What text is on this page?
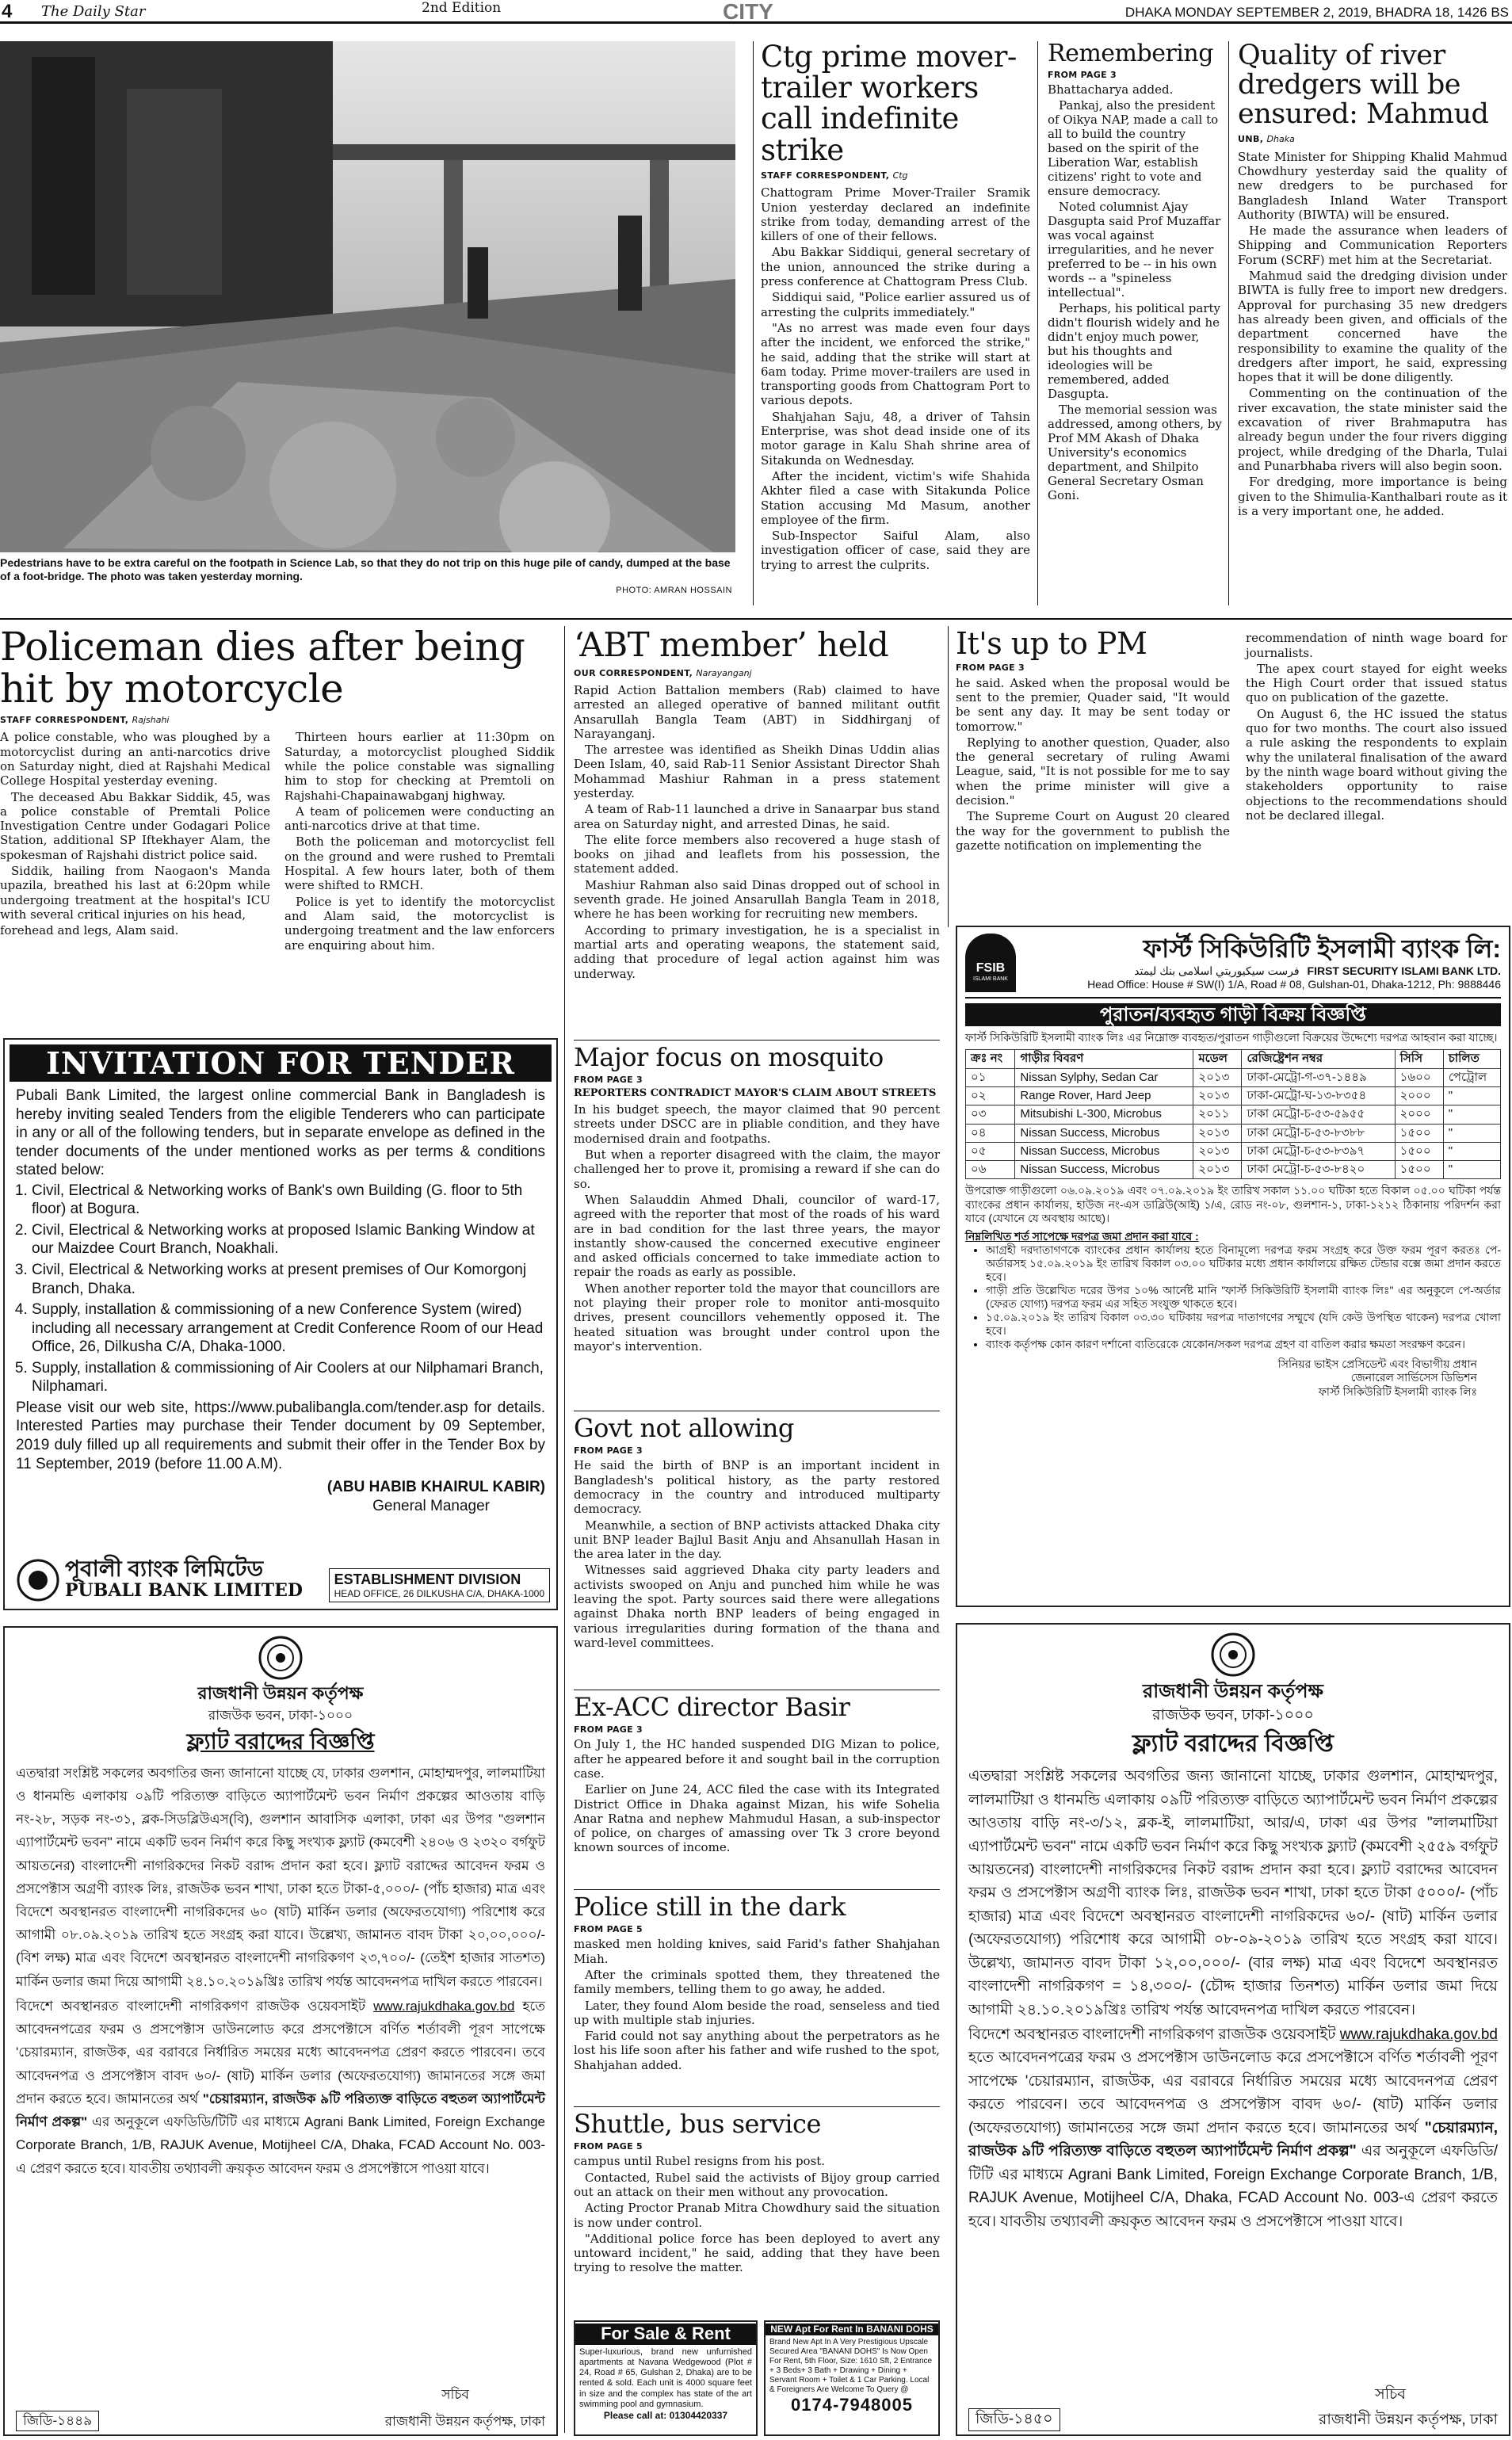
4 The Daily Star	2nd Edition	CITY	DHAKA MONDAY SEPTEMBER 2, 2019, BHADRA 18, 1426 BS
Pedestrians have to be extra careful on the footpath in Science Lab, so that they do not trip on this huge pile of candy, dumped at the base of a foot-bridge. The photo was taken yesterday morning.
PHOTO: AMRAN HOSSAIN
Ctg prime mover-trailer workers call indefinite strike
STAFF CORRESPONDENT, Ctg

Chattogram Prime Mover-Trailer Sramik Union yesterday declared an indefinite strike from today, demanding arrest of the killers of one of their fellows.

Abu Bakkar Siddiqui, general secretary of the union, announced the strike during a press conference at Chattogram Press Club.

Siddiqui said, "Police earlier assured us of arresting the culprits immediately."

"As no arrest was made even four days after the incident, we enforced the strike," he said, adding that the strike will start at 6am today. Prime mover-trailers are used in transporting goods from Chattogram Port to various depots.

Shahjahan Saju, 48, a driver of Tahsin Enterprise, was shot dead inside one of its motor garage in Kalu Shah shrine area of Sitakunda on Wednesday.

After the incident, victim's wife Shahida Akhter filed a case with Sitakunda Police Station accusing Md Masum, another employee of the firm.

Sub-Inspector Saiful Alam, also investigation officer of case, said they are trying to arrest the culprits.

Remembering
FROM PAGE 3

Bhattacharya added.

Pankaj, also the president of Oikya NAP, made a call to all to build the country based on the spirit of the Liberation War, establish citizens' right to vote and ensure democracy.

Noted columnist Ajay Dasgupta said Prof Muzaffar was vocal against irregularities, and he never preferred to be -- in his own words -- a "spineless intellectual".

Perhaps, his political party didn't flourish widely and he didn't enjoy much power, but his thoughts and ideologies will be remembered, added Dasgupta.

The memorial session was addressed, among others, by Prof MM Akash of Dhaka University's economics department, and Shilpito General Secretary Osman Goni.

Quality of river dredgers will be ensured: Mahmud
UNB, Dhaka

State Minister for Shipping Khalid Mahmud Chowdhury yesterday said the quality of new dredgers to be purchased for Bangladesh Inland Water Transport Authority (BIWTA) will be ensured.

He made the assurance when leaders of Shipping and Communication Reporters Forum (SCRF) met him at the Secretariat.

Mahmud said the dredging division under BIWTA is fully free to import new dredgers. Approval for purchasing 35 new dredgers has already been given, and officials of the department concerned have the responsibility to examine the quality of the dredgers after import, he said, expressing hopes that it will be done diligently.

Commenting on the continuation of the river excavation, the state minister said the excavation of river Brahmaputra has already begun under the four rivers digging project, while dredging of the Dharla, Tulai and Punarbhaba rivers will also begin soon.

For dredging, more importance is being given to the Shimulia-Kanthalbari route as it is a very important one, he added.

Policeman dies after being hit by motorcycle
STAFF CORRESPONDENT, Rajshahi

A police constable, who was ploughed by a motorcyclist during an anti-narcotics drive on Saturday night, died at Rajshahi Medical College Hospital yesterday evening.

The deceased Abu Bakkar Siddik, 45, was a police constable of Premtali Police Investigation Centre under Godagari Police Station, additional SP Iftekhayer Alam, the spokesman of Rajshahi district police said.

Siddik, hailing from Naogaon's Manda upazila, breathed his last at 6:20pm while undergoing treatment at the hospital's ICU with several critical injuries on his head,

forehead and legs, Alam said.

Thirteen hours earlier at 11:30pm on Saturday, a motorcyclist ploughed Siddik while the police constable was signalling him to stop for checking at Premtoli on Rajshahi-Chapainawabganj highway.

A team of policemen were conducting an anti-narcotics drive at that time.

Both the policeman and motorcyclist fell on the ground and were rushed to Premtali Hospital. A few hours later, both of them were shifted to RMCH.

Police is yet to identify the motorcyclist and Alam said, the motorcyclist is undergoing treatment and the law enforcers are enquiring about him.

‘ABT member’ held
OUR CORRESPONDENT, Narayanganj

Rapid Action Battalion members (Rab) claimed to have arrested an alleged operative of banned militant outfit Ansarullah Bangla Team (ABT) in Siddhirganj of Narayanganj.

The arrestee was identified as Sheikh Dinas Uddin alias Deen Islam, 40, said Rab-11 Senior Assistant Director Shah Mohammad Mashiur Rahman in a press statement yesterday.

A team of Rab-11 launched a drive in Sanaarpar bus stand area on Saturday night, and arrested Dinas, he said.

The elite force members also recovered a huge stash of books on jihad and leaflets from his possession, the statement added.

Mashiur Rahman also said Dinas dropped out of school in seventh grade. He joined Ansarullah Bangla Team in 2018, where he has been working for recruiting new members.

According to primary investigation, he is a specialist in martial arts and operating weapons, the statement said, adding that procedure of legal action against him was underway.

It's up to PM
FROM PAGE 3

he said. Asked when the proposal would be sent to the premier, Quader said, "It would be sent any day. It may be sent today or tomorrow."

Replying to another question, Quader, also the general secretary of ruling Awami League, said, "It is not possible for me to say when the prime minister will give a decision."

The Supreme Court on August 20 cleared the way for the government to publish the gazette notification on implementing the

recommendation of ninth wage board for journalists.

The apex court stayed for eight weeks the High Court order that issued status quo on publication of the gazette.

On August 6, the HC issued the status quo for two months. The court also issued a rule asking the respondents to explain why the unilateral finalisation of the award by the ninth wage board without giving the stakeholders opportunity to raise objections to the recommendations should not be declared illegal.

INVITATION FOR TENDER

Pubali Bank Limited, the largest online commercial Bank in Bangladesh is hereby inviting sealed Tenders from the eligible Tenderers who can participate in any or all of the following tenders, but in separate envelope as defined in the tender documents of the under mentioned works as per terms & conditions stated below:

1. Civil, Electrical & Networking works of Bank's own Building (G. floor to 5th floor) at Bogura.
2. Civil, Electrical & Networking works at proposed Islamic Banking Window at our Maizdee Court Branch, Noakhali.
3. Civil, Electrical & Networking works at present premises of Our Komorgonj Branch, Dhaka.
4. Supply, installation & commissioning of a new Conference System (wired) including all necessary arrangement at Credit Conference Room of our Head Office, 26, Dilkusha C/A, Dhaka-1000.
5. Supply, installation & commissioning of Air Coolers at our Nilphamari Branch, Nilphamari.

Please visit our web site, https://www.pubalibangla.com/tender.asp for details. Interested Parties may purchase their Tender document by 09 September, 2019 duly filled up all requirements and submit their offer in the Tender Box by 11 September, 2019 (before 11.00 A.M).

(ABU HABIB KHAIRUL KABIR)
General Manager
পূবালী ব্যাংক লিমিটেড
PUBALI BANK LIMITED
ESTABLISHMENT DIVISION
HEAD OFFICE, 26 DILKUSHA C/A, DHAKA-1000
Major focus on mosquito
FROM PAGE 3
REPORTERS CONTRADICT MAYOR'S CLAIM ABOUT STREETS

In his budget speech, the mayor claimed that 90 percent streets under DSCC are in pliable condition, and they have modernised drain and footpaths.

But when a reporter disagreed with the claim, the mayor challenged her to prove it, promising a reward if she can do so.

When Salauddin Ahmed Dhali, councilor of ward-17, agreed with the reporter that most of the roads of his ward are in bad condition for the last three years, the mayor instantly show-caused the concerned executive engineer and asked officials concerned to take immediate action to repair the roads as early as possible.

When another reporter told the mayor that councillors are not playing their proper role to monitor anti-mosquito drives, present councillors vehemently opposed it. The heated situation was brought under control upon the mayor's intervention.

Govt not allowing
FROM PAGE 3

He said the birth of BNP is an important incident in Bangladesh's political history, as the party restored democracy in the country and introduced multiparty democracy.

Meanwhile, a section of BNP activists attacked Dhaka city unit BNP leader Bajlul Basit Anju and Ahsanullah Hasan in the area later in the day.

Witnesses said aggrieved Dhaka city party leaders and activists swooped on Anju and punched him while he was leaving the spot. Party sources said there were allegations against Dhaka north BNP leaders of being engaged in various irregularities during formation of the thana and ward-level committees.

Ex-ACC director Basir
FROM PAGE 3

On July 1, the HC handed suspended DIG Mizan to police, after he appeared before it and sought bail in the corruption case.

Earlier on June 24, ACC filed the case with its Integrated District Office in Dhaka against Mizan, his wife Sohelia Anar Ratna and nephew Mahmudul Hasan, a sub-inspector of police, on charges of amassing over Tk 3 crore beyond known sources of income.

Police still in the dark
FROM PAGE 5

masked men holding knives, said Farid's father Shahjahan Miah.

After the criminals spotted them, they threatened the family members, telling them to go away, he added.

Later, they found Alom beside the road, senseless and tied up with multiple stab injuries.

Farid could not say anything about the perpetrators as he lost his life soon after his father and wife rushed to the spot, Shahjahan added.

Shuttle, bus service
FROM PAGE 5

campus until Rubel resigns from his post.

Contacted, Rubel said the activists of Bijoy group carried out an attack on their men without any provocation.

Acting Proctor Pranab Mitra Chowdhury said the situation is now under control.

"Additional police force has been deployed to avert any untoward incident," he said, adding that they have been trying to resolve the matter.

For Sale & Rent
Super-luxurious, brand new unfurnished apartments at Navana Wedgewood (Plot # 24, Road # 65, Gulshan 2, Dhaka) are to be rented & sold. Each unit is 4000 square feet in size and the complex has state of the art swimming pool and gymnasium.
Please call at: 01304420337
NEW Apt For Rent In BANANI DOHS
Brand New Apt In A Very Prestigious Upscale Secured Area "BANANI DOHS" Is Now Open For Rent, 5th Floor, Size: 1610 Sft, 2 Entrance + 3 Beds+ 3 Bath + Drawing + Dining + Servant Room + Toilet & 1 Car Parking. Local & Foreigners Are Welcome To Query @
0174-7948005
FSIB
ISLAMI BANK
ফার্স্ট সিকিউরিটি ইসলামী ব্যাংক লি:
فرست سيكيوريتي اسلامى بنك ليمتد FIRST SECURITY ISLAMI BANK LTD.
Head Office: House # SW(I) 1/A, Road # 08, Gulshan-01, Dhaka-1212, Ph: 9888446
পুরাতন/ব্যবহৃত গাড়ী বিক্রয় বিজ্ঞপ্তি
ফার্স্ট সিকিউরিটি ইসলামী ব্যাংক লিঃ এর নিম্নোক্ত ব্যবহৃত/পুরাতন গাড়ীগুলো বিক্রয়ের উদ্দেশ্যে দরপত্র আহবান করা যাচ্ছে।
ক্রঃ নং	গাড়ীর বিবরণ	মডেল	রেজিষ্ট্রেশন নম্বর	সিসি	চালিত
০১	Nissan Sylphy, Sedan Car	২০১৩	ঢাকা-মেট্রো-গ-৩৭-১৪৪৯	১৬০০	পেট্রোল
০২	Range Rover, Hard Jeep	২০১৩	ঢাকা-মেট্রো-ঘ-১৩-৮৩৫৪	২০০০	"
০৩	Mitsubishi L-300, Microbus	২০১১	ঢাকা মেট্রো-চ-৫৩-৫৯৫৫	২০০০	"
০৪	Nissan Success, Microbus	২০১৩	ঢাকা মেট্রো-চ-৫৩-৮৩৮৮	১৫০০	"
০৫	Nissan Success, Microbus	২০১৩	ঢাকা মেট্রো-চ-৫৩-৮৩৯৭	১৫০০	"
০৬	Nissan Success, Microbus	২০১৩	ঢাকা মেট্রো-চ-৫৩-৮৪২০	১৫০০	"
উপরোক্ত গাড়ীগুলো ০৬.০৯.২০১৯ এবং ০৭.০৯.২০১৯ ইং তারিখ সকাল ১১.০০ ঘটিকা হতে বিকাল ০৫.০০ ঘটিকা পর্যন্ত ব্যাংকের প্রধান কার্যালয়, হাউজ নং-এস ডাব্লিউ(আই) ১/এ, রোড নং-০৮, গুলশান-১, ঢাকা-১২১২ ঠিকানায় পরিদর্শন করা যাবে (যেখানে যে অবস্থায় আছে)।
নিম্নলিখিত শর্ত সাপেক্ষে দরপত্র জমা প্রদান করা যাবে :
• আগ্রহী দরদাতাগণকে ব্যাংকের প্রধান কার্যালয় হতে বিনামূল্যে দরপত্র ফরম সংগ্রহ করে উক্ত ফরম পূরণ করতঃ পে-অর্ডারসহ ১৫.০৯.২০১৯ ইং তারিখ বিকাল ০৩.০০ ঘটিকার মধ্যে প্রধান কার্যালয়ে রক্ষিত টেন্ডার বক্সে জমা প্রদান করতে হবে।
• গাড়ী প্রতি উল্লেখিত দরের উপর ১০% আর্নেষ্ট মানি "ফার্স্ট সিকিউরিটি ইসলামী ব্যাংক লিঃ" এর অনুকূলে পে-অর্ডার (ফেরত যোগ্য) দরপত্র ফরম এর সহিত সংযুক্ত থাকতে হবে।
• ১৫.০৯.২০১৯ ইং তারিখ বিকাল ০৩.৩০ ঘটিকায় দরপত্র দাতাগণের সম্মুখে (যদি কেউ উপস্থিত থাকেন) দরপত্র খোলা হবে।
• ব্যাংক কর্তৃপক্ষ কোন কারণ দর্শানো ব্যতিরেকে যেকোন/সকল দরপত্র গ্রহণ বা বাতিল করার ক্ষমতা সংরক্ষণ করেন।
সিনিয়র ভাইস প্রেসিডেন্ট এবং বিভাগীয় প্রধান
জেনারেল সার্ভিসেস ডিভিশন
ফার্স্ট সিকিউরিটি ইসলামী ব্যাংক লিঃ
রাজধানী উন্নয়ন কর্তৃপক্ষ
রাজউক ভবন, ঢাকা-১০০০
ফ্ল্যাট বরাদ্দের বিজ্ঞপ্তি

এতদ্বারা সংশ্লিষ্ট সকলের অবগতির জন্য জানানো যাচ্ছে যে, ঢাকার গুলশান, মোহাম্মদপুর, লালমাটিয়া ও ধানমন্ডি এলাকায় ০৯টি পরিত্যক্ত বাড়িতে অ্যাপার্টমেন্ট ভবন নির্মাণ প্রকল্পের আওতায় বাড়ি নং-২৮, সড়ক নং-৩১, ব্লক-সিডব্লিউএস(বি), গুলশান আবাসিক এলাকা, ঢাকা এর উপর "গুলশান এ্যাপার্টমেন্ট ভবন" নামে একটি ভবন নির্মাণ করে কিছু সংখ্যক ফ্ল্যাট (কমবেশী ২৪০৬ ও ২৩২০ বর্গফুট আয়তনের) বাংলাদেশী নাগরিকদের নিকট বরাদ্দ প্রদান করা হবে। ফ্ল্যাট বরাদ্দের আবেদন ফরম ও প্রসপেক্টাস অগ্রণী ব্যাংক লিঃ, রাজউক ভবন শাখা, ঢাকা হতে টাকা-৫,০০০/- (পাঁচ হাজার) মাত্র এবং বিদেশে অবস্থানরত বাংলাদেশী নাগরিকদের ৬০ (ষাট) মার্কিন ডলার (অফেরতযোগ্য) পরিশোধ করে আগামী ০৮.০৯.২০১৯ তারিখ হতে সংগ্রহ করা যাবে। উল্লেখ্য, জামানত বাবদ টাকা ২০,০০,০০০/-(বিশ লক্ষ) মাত্র এবং বিদেশে অবস্থানরত বাংলাদেশী নাগরিকগণ ২৩,৭০০/- (তেইশ হাজার সাতশত) মার্কিন ডলার জমা দিয়ে আগামী ২৪.১০.২০১৯খ্রিঃ তারিখ পর্যন্ত আবেদনপত্র দাখিল করতে পারবেন।

বিদেশে অবস্থানরত বাংলাদেশী নাগরিকগণ রাজউক ওয়েবসাইট www.rajukdhaka.gov.bd হতে আবেদনপত্রের ফরম ও প্রসপেক্টাস ডাউনলোড করে প্রসপেক্টাসে বর্ণিত শর্তাবলী পূরণ সাপেক্ষে 'চেয়ারম্যান, রাজউক, এর বরাবরে নির্ধারিত সময়ের মধ্যে আবেদনপত্র প্রেরণ করতে পারবেন। তবে আবেদনপত্র ও প্রসপেক্টাস বাবদ ৬০/- (ষাট) মার্কিন ডলার (অফেরতযোগ্য) জামানতের সঙ্গে জমা প্রদান করতে হবে। জামানতের অর্থ "চেয়ারম্যান, রাজউক ৯টি পরিত্যক্ত বাড়িতে বহুতল অ্যাপার্টমেন্ট নির্মাণ প্রকল্প" এর অনুকূলে এফডিডি/টিটি এর মাধ্যমে Agrani Bank Limited, Foreign Exchange Corporate Branch, 1/B, RAJUK Avenue, Motijheel C/A, Dhaka, FCAD Account No. 003-এ প্রেরণ করতে হবে। যাবতীয় তথ্যাবলী ক্রয়কৃত আবেদন ফরম ও প্রসপেক্টাসে পাওয়া যাবে।

সচিব
জিডি-১৪৪৯	রাজধানী উন্নয়ন কর্তৃপক্ষ, ঢাকা
রাজধানী উন্নয়ন কর্তৃপক্ষ
রাজউক ভবন, ঢাকা-১০০০
ফ্ল্যাট বরাদ্দের বিজ্ঞপ্তি

এতদ্বারা সংশ্লিষ্ট সকলের অবগতির জন্য জানানো যাচ্ছে, ঢাকার গুলশান, মোহাম্মদপুর, লালমাটিয়া ও ধানমন্ডি এলাকায় ০৯টি পরিত্যক্ত বাড়িতে অ্যাপার্টমেন্ট ভবন নির্মাণ প্রকল্পের আওতায় বাড়ি নং-৩/১২, ব্লক-ই, লালমাটিয়া, আর/এ, ঢাকা এর উপর "লালমাটিয়া এ্যাপার্টমেন্ট ভবন" নামে একটি ভবন নির্মাণ করে কিছু সংখ্যক ফ্ল্যাট (কমবেশী ২৫৫৯ বর্গফুট আয়তনের) বাংলাদেশী নাগরিকদের নিকট বরাদ্দ প্রদান করা হবে। ফ্ল্যাট বরাদ্দের আবেদন ফরম ও প্রসপেক্টাস অগ্রণী ব্যাংক লিঃ, রাজউক ভবন শাখা, ঢাকা হতে টাকা ৫০০০/- (পাঁচ হাজার) মাত্র এবং বিদেশে অবস্থানরত বাংলাদেশী নাগরিকদের ৬০/- (ষাট) মার্কিন ডলার (অফেরতযোগ্য) পরিশোধ করে আগামী ০৮-০৯-২০১৯ তারিখ হতে সংগ্রহ করা যাবে। উল্লেখ্য, জামানত বাবদ টাকা ১২,০০,০০০/- (বার লক্ষ) মাত্র এবং বিদেশে অবস্থানরত বাংলাদেশী নাগরিকগণ = ১৪,৩০০/- (চৌদ্দ হাজার তিনশত) মার্কিন ডলার জমা দিয়ে আগামী ২৪.১০.২০১৯খ্রিঃ তারিখ পর্যন্ত আবেদনপত্র দাখিল করতে পারবেন।

বিদেশে অবস্থানরত বাংলাদেশী নাগরিকগণ রাজউক ওয়েবসাইট www.rajukdhaka.gov.bd হতে আবেদনপত্রের ফরম ও প্রসপেক্টাস ডাউনলোড করে প্রসপেক্টাসে বর্ণিত শর্তাবলী পূরণ সাপেক্ষে 'চেয়ারম্যান, রাজউক, এর বরাবরে নির্ধারিত সময়ের মধ্যে আবেদনপত্র প্রেরণ করতে পারবেন। তবে আবেদনপত্র ও প্রসপেক্টাস বাবদ ৬০/- (ষাট) মার্কিন ডলার (অফেরতযোগ্য) জামানতের সঙ্গে জমা প্রদান করতে হবে। জামানতের অর্থ "চেয়ারম্যান, রাজউক ৯টি পরিত্যক্ত বাড়িতে বহুতল অ্যাপার্টমেন্ট নির্মাণ প্রকল্প" এর অনুকূলে এফডিডি/টিটি এর মাধ্যমে Agrani Bank Limited, Foreign Exchange Corporate Branch, 1/B, RAJUK Avenue, Motijheel C/A, Dhaka, FCAD Account No. 003-এ প্রেরণ করতে হবে। যাবতীয় তথ্যাবলী ক্রয়কৃত আবেদন ফরম ও প্রসপেক্টাসে পাওয়া যাবে।

সচিব
জিডি-১৪৫০	রাজধানী উন্নয়ন কর্তৃপক্ষ, ঢাকা
